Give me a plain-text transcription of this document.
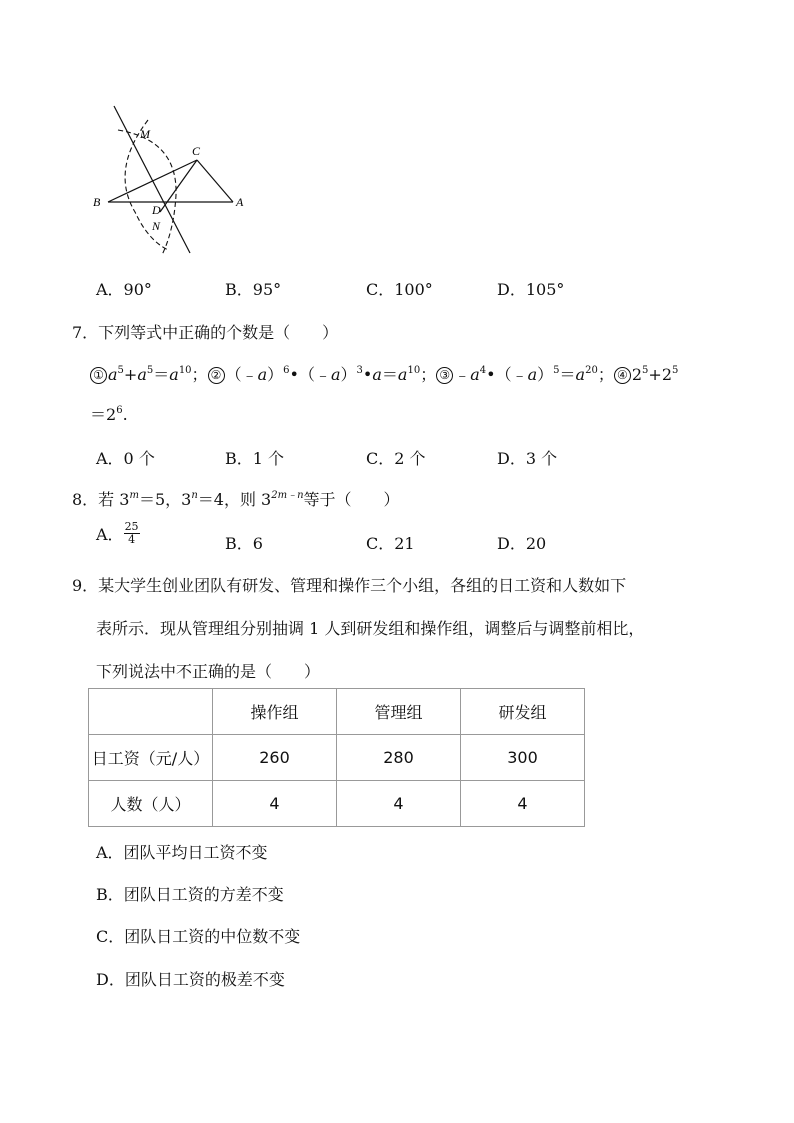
M
C
B
D
N
A
A．90°	B．95°	C．100°	D．105°
7．下列等式中正确的个数是（　　）
① $a^5+a^5=a^{10}$； ② $(﹣a)^6•(﹣a)^3•a=a^{10}$； ③ $﹣a^4•(﹣a)^5=a^{20}$； ④ $2^5+2^5$
$=2^6$.
A．0 个	B．1 个	C．2 个	D．3 个
8．若 $3^m=5$，$3^n=4$，则 $3^{2m﹣n}$等于（　　）
A． $\frac{25}{4}$	B．6	C．21	D．20
9．某大学生创业团队有研发、管理和操作三个小组，各组的日工资和人数如下
表所示．现从管理组分别抽调 1 人到研发组和操作组，调整后与调整前相比，
下列说法中不正确的是（　　）
	操作组	管理组	研发组
日工资（元/人）	260	280	300
人数（人）	4	4	4
A．团队平均日工资不变
B．团队日工资的方差不变
C．团队日工资的中位数不变
D．团队日工资的极差不变
